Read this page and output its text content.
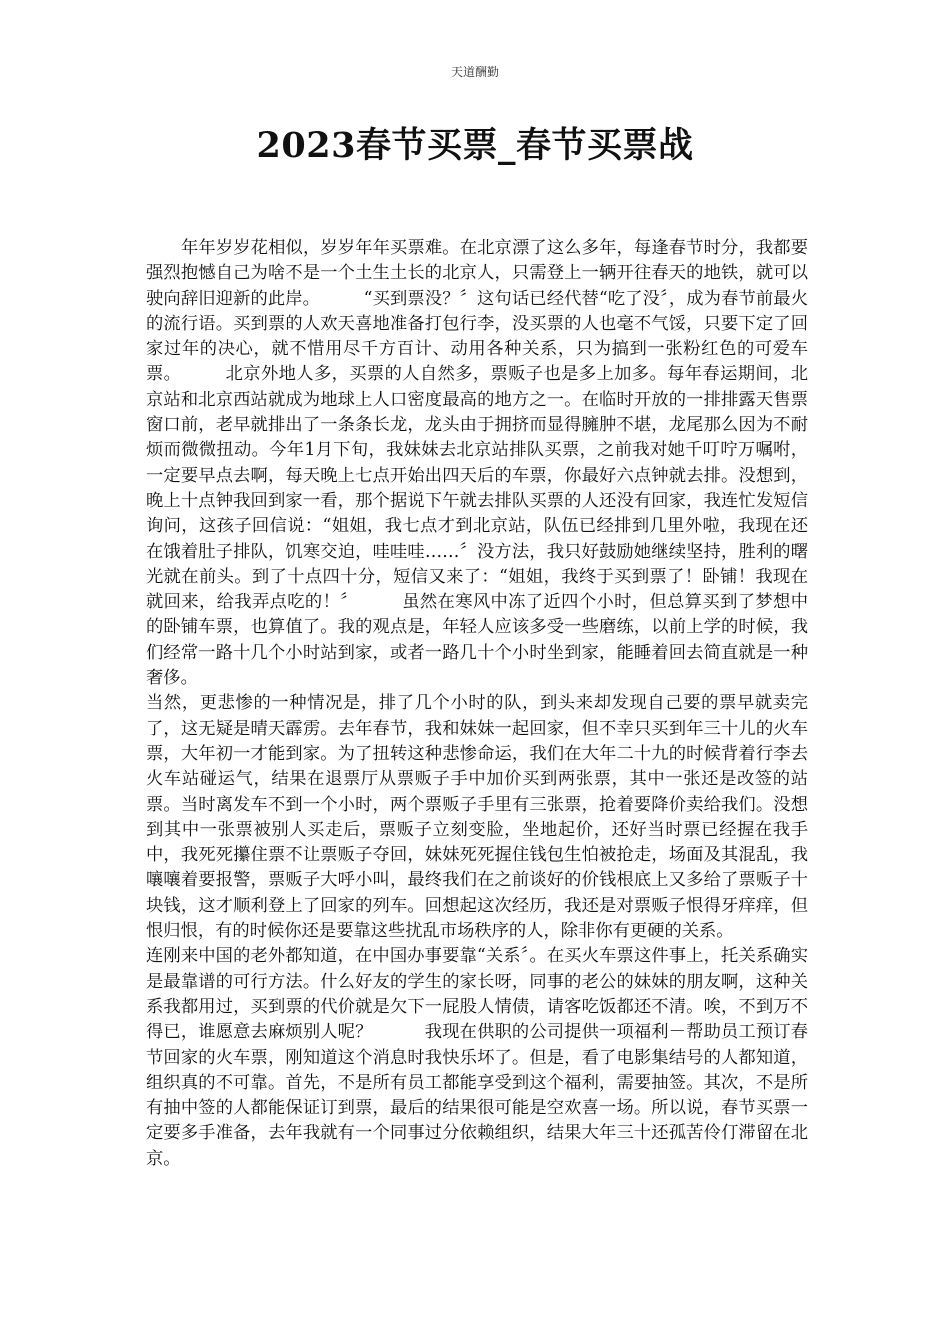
天道酬勤
2023春节买票_春节买票战

年年岁岁花相似，岁岁年年买票难。在北京漂了这么多年，每逢春节时分，我都要强烈抱憾自己为啥不是一个土生土长的北京人，只需登上一辆开往春天的地铁，就可以驶向辞旧迎新的此岸。　　　“买到票没？〞这句话已经代替“吃了没〞，成为春节前最火的流行语。买到票的人欢天喜地准备打包行李，没买票的人也毫不气馁，只要下定了回家过年的决心，就不惜用尽千方百计、动用各种关系，只为搞到一张粉红色的可爱车票。　　　北京外地人多，买票的人自然多，票贩子也是多上加多。每年春运期间，北京站和北京西站就成为地球上人口密度最高的地方之一。在临时开放的一排排露天售票窗口前，老早就排出了一条条长龙，龙头由于拥挤而显得臃肿不堪，龙尾那么因为不耐烦而微微扭动。今年1月下旬，我妹妹去北京站排队买票，之前我对她千叮咛万嘱咐，一定要早点去啊，每天晚上七点开始出四天后的车票，你最好六点钟就去排。没想到，晚上十点钟我回到家一看，那个据说下午就去排队买票的人还没有回家，我连忙发短信询问，这孩子回信说：“姐姐，我七点才到北京站，队伍已经排到几里外啦，我现在还在饿着肚子排队，饥寒交迫，哇哇哇……〞没方法，我只好鼓励她继续坚持，胜利的曙光就在前头。到了十点四十分，短信又来了：“姐姐，我终于买到票了！卧铺！我现在就回来，给我弄点吃的！〞　　　虽然在寒风中冻了近四个小时，但总算买到了梦想中的卧铺车票，也算值了。我的观点是，年轻人应该多受一些磨练，以前上学的时候，我们经常一路十几个小时站到家，或者一路几十个小时坐到家，能睡着回去简直就是一种奢侈。

当然，更悲惨的一种情况是，排了几个小时的队，到头来却发现自己要的票早就卖完了，这无疑是晴天霹雳。去年春节，我和妹妹一起回家，但不幸只买到年三十儿的火车票，大年初一才能到家。为了扭转这种悲惨命运，我们在大年二十九的时候背着行李去火车站碰运气，结果在退票厅从票贩子手中加价买到两张票，其中一张还是改签的站票。当时离发车不到一个小时，两个票贩子手里有三张票，抢着要降价卖给我们。没想到其中一张票被别人买走后，票贩子立刻变脸，坐地起价，还好当时票已经握在我手中，我死死攥住票不让票贩子夺回，妹妹死死握住钱包生怕被抢走，场面及其混乱，我嚷嚷着要报警，票贩子大呼小叫，最终我们在之前谈好的价钱根底上又多给了票贩子十块钱，这才顺利登上了回家的列车。回想起这次经历，我还是对票贩子恨得牙痒痒，但恨归恨，有的时候你还是要靠这些扰乱市场秩序的人，除非你有更硬的关系。

连刚来中国的老外都知道，在中国办事要靠“关系〞。在买火车票这件事上，托关系确实是最靠谱的可行方法。什么好友的学生的家长呀，同事的老公的妹妹的朋友啊，这种关系我都用过，买到票的代价就是欠下一屁股人情债，请客吃饭都还不清。唉，不到万不得已，谁愿意去麻烦别人呢？　　　我现在供职的公司提供一项福利－帮助员工预订春节回家的火车票，刚知道这个消息时我快乐坏了。但是，看了电影集结号的人都知道，组织真的不可靠。首先，不是所有员工都能享受到这个福利，需要抽签。其次，不是所有抽中签的人都能保证订到票，最后的结果很可能是空欢喜一场。所以说，春节买票一定要多手准备，去年我就有一个同事过分依赖组织，结果大年三十还孤苦伶仃滞留在北京。
